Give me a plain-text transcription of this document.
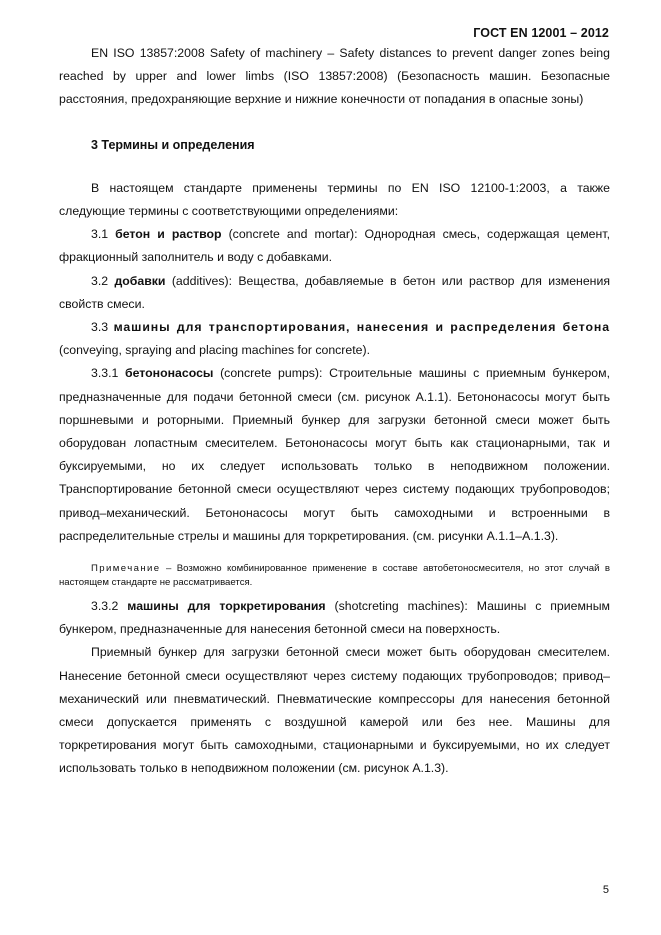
ГОСТ EN 12001 – 2012

EN ISO 13857:2008 Safety of machinery – Safety distances to prevent danger zones being reached by upper and lower limbs (ISO 13857:2008) (Безопасность машин. Безопасные расстояния, предохраняющие верхние и нижние конечности от попадания в опасные зоны)

3 Термины и определения

В настоящем стандарте применены термины по EN ISO 12100-1:2003, а также следующие термины с соответствующими определениями:

3.1 бетон и раствор (concrete and mortar): Однородная смесь, содержащая цемент, фракционный заполнитель и воду с добавками.

3.2 добавки (additives): Вещества, добавляемые в бетон или раствор для изменения свойств смеси.

3.3 машины для транспортирования, нанесения и распределения бетона (conveying, spraying and placing machines for concrete).

3.3.1 бетононасосы (concrete pumps): Строительные машины с приемным бункером, предназначенные для подачи бетонной смеси (см. рисунок А.1.1). Бетононасосы могут быть поршневыми и роторными. Приемный бункер для загрузки бетонной смеси может быть оборудован лопастным смесителем. Бетононасосы могут быть как стационарными, так и буксируемыми, но их следует использовать только в неподвижном положении. Транспортирование бетонной смеси осуществляют через систему подающих трубопроводов; привод–механический. Бетононасосы могут быть самоходными и встроенными в распределительные стрелы и машины для торкретирования. (см. рисунки А.1.1–А.1.3).

Примечание – Возможно комбинированное применение в составе автобетоносмесителя, но этот случай в настоящем стандарте не рассматривается.

3.3.2 машины для торкретирования (shotcreting machines): Машины с приемным бункером, предназначенные для нанесения бетонной смеси на поверхность.

Приемный бункер для загрузки бетонной смеси может быть оборудован смесителем. Нанесение бетонной смеси осуществляют через систему подающих трубопроводов; привод–механический или пневматический. Пневматические компрессоры для нанесения бетонной смеси допускается применять с воздушной камерой или без нее. Машины для торкретирования могут быть самоходными, стационарными и буксируемыми, но их следует использовать только в неподвижном положении (см. рисунок А.1.3).

5
